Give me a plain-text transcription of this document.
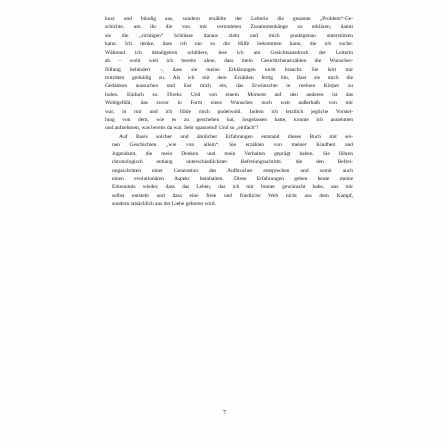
kurz und bündig aus, sondern erzählte der Leiterin die gesamte „Problem“-Ge-
schichte, um ihr die von mir vermuteten Zusammenhänge zu erklären, damit
sie die „richtigen“ Schlüsse daraus zieht und mich punktgenau unterstützen
kann. Ich denke, dass ich nur so die Hilfe bekommen kann, die ich suche.
Während ich detailgetreu schildere, lese ich am Gesichtsausdruck der Leiterin
ab – wohl weil ich bereits ahne, dass mein Gesichtchenerzählen die Wunscher-
füllung behindert –, dass sie meine Erklärungen nicht braucht. Sie hört mir
trotzdem geduldig zu. Als ich mit dem Erzählen fertig bin, lässt sie mich die
Gedanken aussuchen und löst mich ein, das Erwünschte in meinen Körper zu
holen. Einfach so. Direkt. Und von einem Moment auf den anderen ist das
Wohlgefühl, das zuvor in Form eines Wunsches noch weit außerhalb von mir
war, in mir und ich fühle mich pudelwohl. Indem ich letztlich jegliche Vorstel-
lung von dem, wie es zu geschehen hat, losgelassen hatte, konnte ich annehmen
und aufnehmen, was bereits da war. Sehr spannend! Und so „einfach“!

Auf Basis solcher und ähnlicher Erfahrungen entstand dieses Buch mit sei-
nen Geschichten „wie von allein“. Sie erzählen von meiner Kindheit und
Jugendzeit, die mein Denken und mein Verhalten geprägt haben. Sie führen
chronologisch entlang unterschiedlichster Befreiungsschritte, die den Befrei-
ungsschritten einer Generation des Aufbruches entsprechen und somit auch
einen evolutionären Aspekt beinhalten. Diese Erfahrungen geben heute meine
Erkenntnis wieder, dass das Leben, das ich mir immer gewünscht habe, aus mir
selbst entsteht und dass eine freie und friedliche Welt nicht aus dem Kampf,
sondern tatsächlich aus der Liebe geboren wird.

7
